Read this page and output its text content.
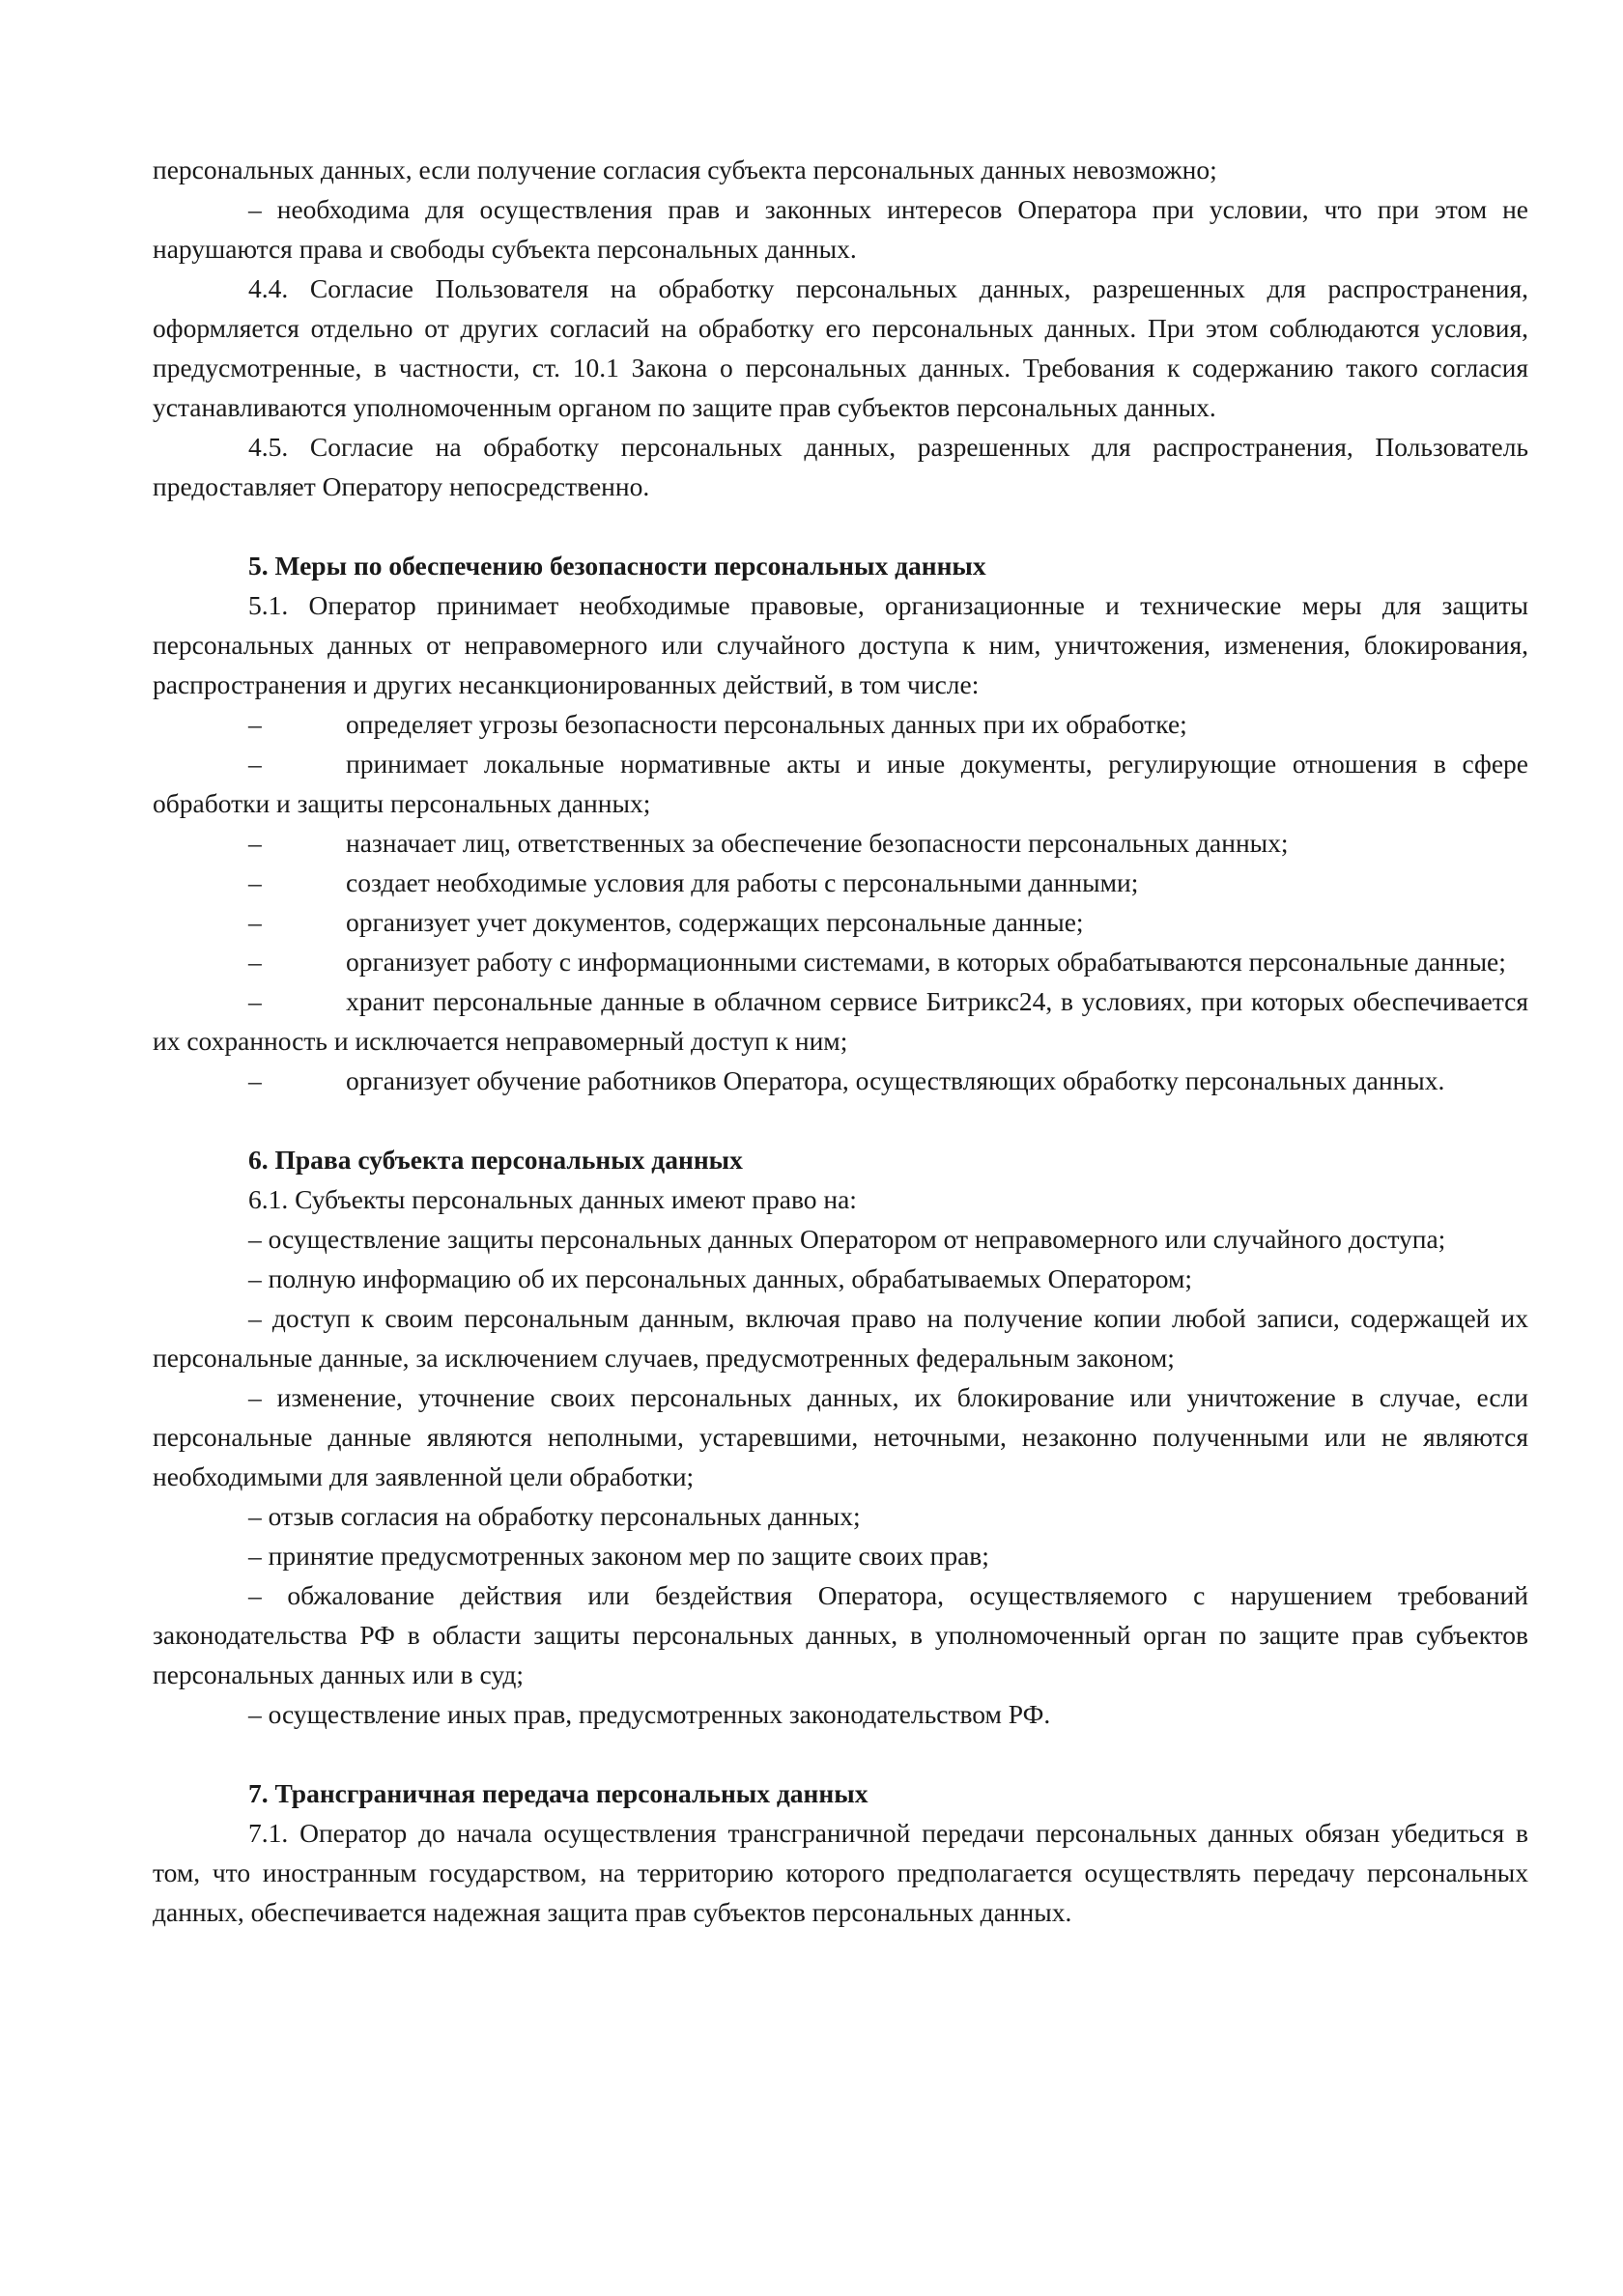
персональных данных, если получение согласия субъекта персональных данных невозможно;

– необходима для осуществления прав и законных интересов Оператора при условии, что при этом не нарушаются права и свободы субъекта персональных данных.

4.4. Согласие Пользователя на обработку персональных данных, разрешенных для распространения, оформляется отдельно от других согласий на обработку его персональных данных. При этом соблюдаются условия, предусмотренные, в частности, ст. 10.1 Закона о персональных данных. Требования к содержанию такого согласия устанавливаются уполномоченным органом по защите прав субъектов персональных данных.

4.5. Согласие на обработку персональных данных, разрешенных для распространения, Пользователь предоставляет Оператору непосредственно.

5. Меры по обеспечению безопасности персональных данных

5.1. Оператор принимает необходимые правовые, организационные и технические меры для защиты персональных данных от неправомерного или случайного доступа к ним, уничтожения, изменения, блокирования, распространения и других несанкционированных действий, в том числе:

–	определяет угрозы безопасности персональных данных при их обработке;

–	принимает локальные нормативные акты и иные документы, регулирующие отношения в сфере обработки и защиты персональных данных;

–	назначает лиц, ответственных за обеспечение безопасности персональных данных;

–	создает необходимые условия для работы с персональными данными;

–	организует учет документов, содержащих персональные данные;

–	организует работу с информационными системами, в которых обрабатываются персональные данные;

–	хранит персональные данные в облачном сервисе Битрикс24, в условиях, при которых обеспечивается их сохранность и исключается неправомерный доступ к ним;

–	организует обучение работников Оператора, осуществляющих обработку персональных данных.

6. Права субъекта персональных данных

6.1. Субъекты персональных данных имеют право на:

– осуществление защиты персональных данных Оператором от неправомерного или случайного доступа;

– полную информацию об их персональных данных, обрабатываемых Оператором;

– доступ к своим персональным данным, включая право на получение копии любой записи, содержащей их персональные данные, за исключением случаев, предусмотренных федеральным законом;

– изменение, уточнение своих персональных данных, их блокирование или уничтожение в случае, если персональные данные являются неполными, устаревшими, неточными, незаконно полученными или не являются необходимыми для заявленной цели обработки;

– отзыв согласия на обработку персональных данных;

– принятие предусмотренных законом мер по защите своих прав;

– обжалование действия или бездействия Оператора, осуществляемого с нарушением требований законодательства РФ в области защиты персональных данных, в уполномоченный орган по защите прав субъектов персональных данных или в суд;

– осуществление иных прав, предусмотренных законодательством РФ.

7. Трансграничная передача персональных данных

7.1. Оператор до начала осуществления трансграничной передачи персональных данных обязан убедиться в том, что иностранным государством, на территорию которого предполагается осуществлять передачу персональных данных, обеспечивается надежная защита прав субъектов персональных данных.
